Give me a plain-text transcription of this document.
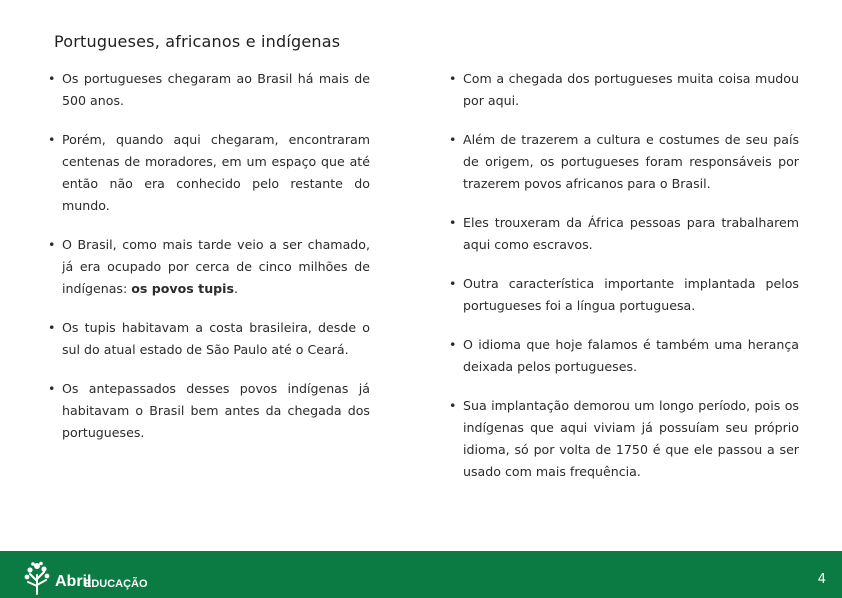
Portugueses, africanos e indígenas
• Os portugueses chegaram ao Brasil há mais de 500 anos.
• Porém, quando aqui chegaram, encontraram centenas de moradores, em um espaço que até então não era conhecido pelo restante do mundo.
• O Brasil, como mais tarde veio a ser chamado, já era ocupado por cerca de cinco milhões de indígenas: os povos tupis.
• Os tupis habitavam a costa brasileira, desde o sul do atual estado de São Paulo até o Ceará.
• Os antepassados desses povos indígenas já habitavam o Brasil bem antes da chegada dos portugueses.
• Com a chegada dos portugueses muita coisa mudou por aqui.
• Além de trazerem a cultura e costumes de seu país de origem, os portugueses foram responsáveis por trazerem povos africanos para o Brasil.
• Eles trouxeram da África pessoas para trabalharem aqui como escravos.
• Outra característica importante implantada pelos portugueses foi a língua portuguesa.
• O idioma que hoje falamos é também uma herança deixada pelos portugueses.
• Sua implantação demorou um longo período, pois os indígenas que aqui viviam já possuíam seu próprio idioma, só por volta de 1750 é que ele passou a ser usado com mais frequência.
Abril
EDUCAÇÃO	4
